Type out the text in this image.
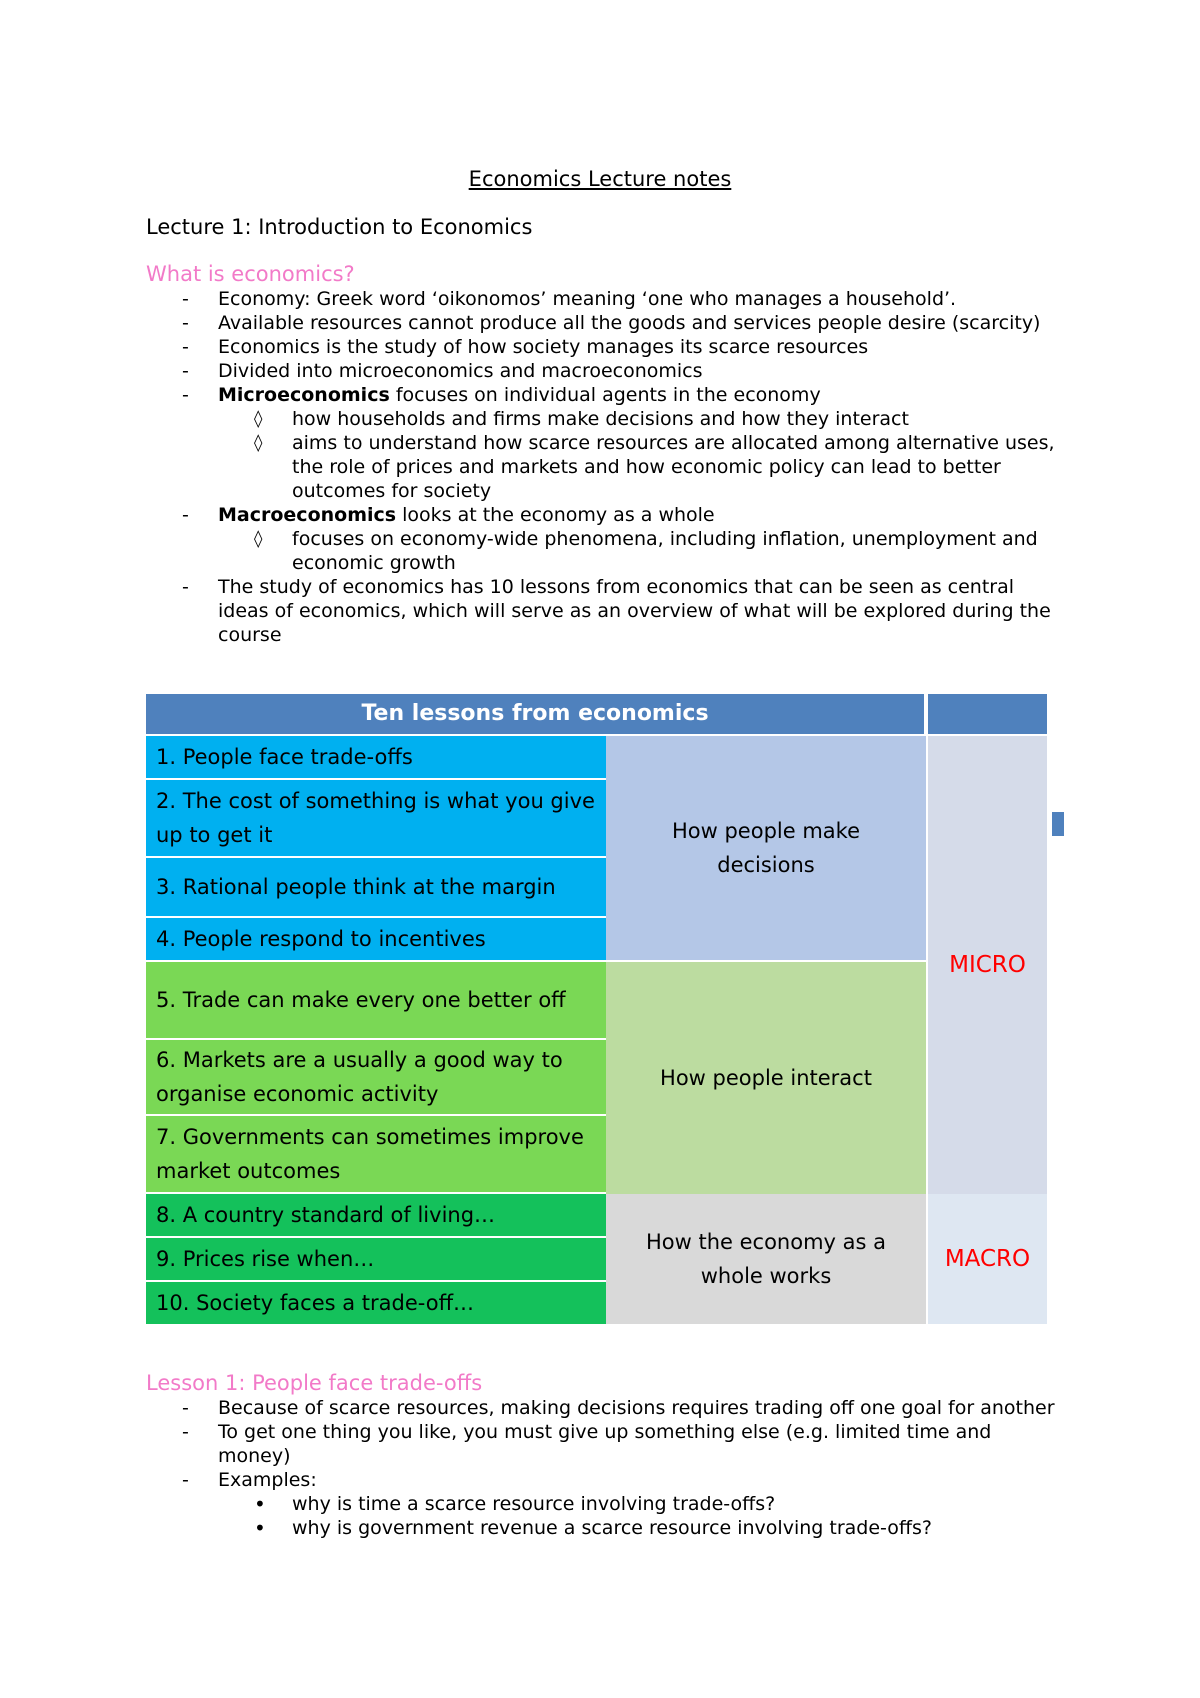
Economics Lecture notes
Lecture 1: Introduction to Economics
What is economics?
- Economy: Greek word ‘oikonomos’ meaning ‘one who manages a household’.
- Available resources cannot produce all the goods and services people desire (scarcity)
- Economics is the study of how society manages its scarce resources
- Divided into microeconomics and macroeconomics
- Microeconomics focuses on individual agents in the economy
◊ how households and firms make decisions and how they interact
◊ aims to understand how scarce resources are allocated among alternative uses, the role of prices and markets and how economic policy can lead to better outcomes for society
- Macroeconomics looks at the economy as a whole
◊ focuses on economy-wide phenomena, including inflation, unemployment and economic growth
- The study of economics has 10 lessons from economics that can be seen as central ideas of economics, which will serve as an overview of what will be explored during the course
Ten lessons from economics
1. People face trade-offs
2. The cost of something is what you give up to get it
3. Rational people think at the margin
4. People respond to incentives
5. Trade can make every one better off
6. Markets are a usually a good way to organise economic activity
7. Governments can sometimes improve market outcomes
8. A country standard of living…
9. Prices rise when…
10. Society faces a trade-off…
How people make decisions
How people interact
How the economy as a whole works
MICRO
MACRO
Lesson 1: People face trade-offs
- Because of scarce resources, making decisions requires trading off one goal for another
- To get one thing you like, you must give up something else (e.g. limited time and money)
- Examples:
• why is time a scarce resource involving trade-offs?
• why is government revenue a scarce resource involving trade-offs?
